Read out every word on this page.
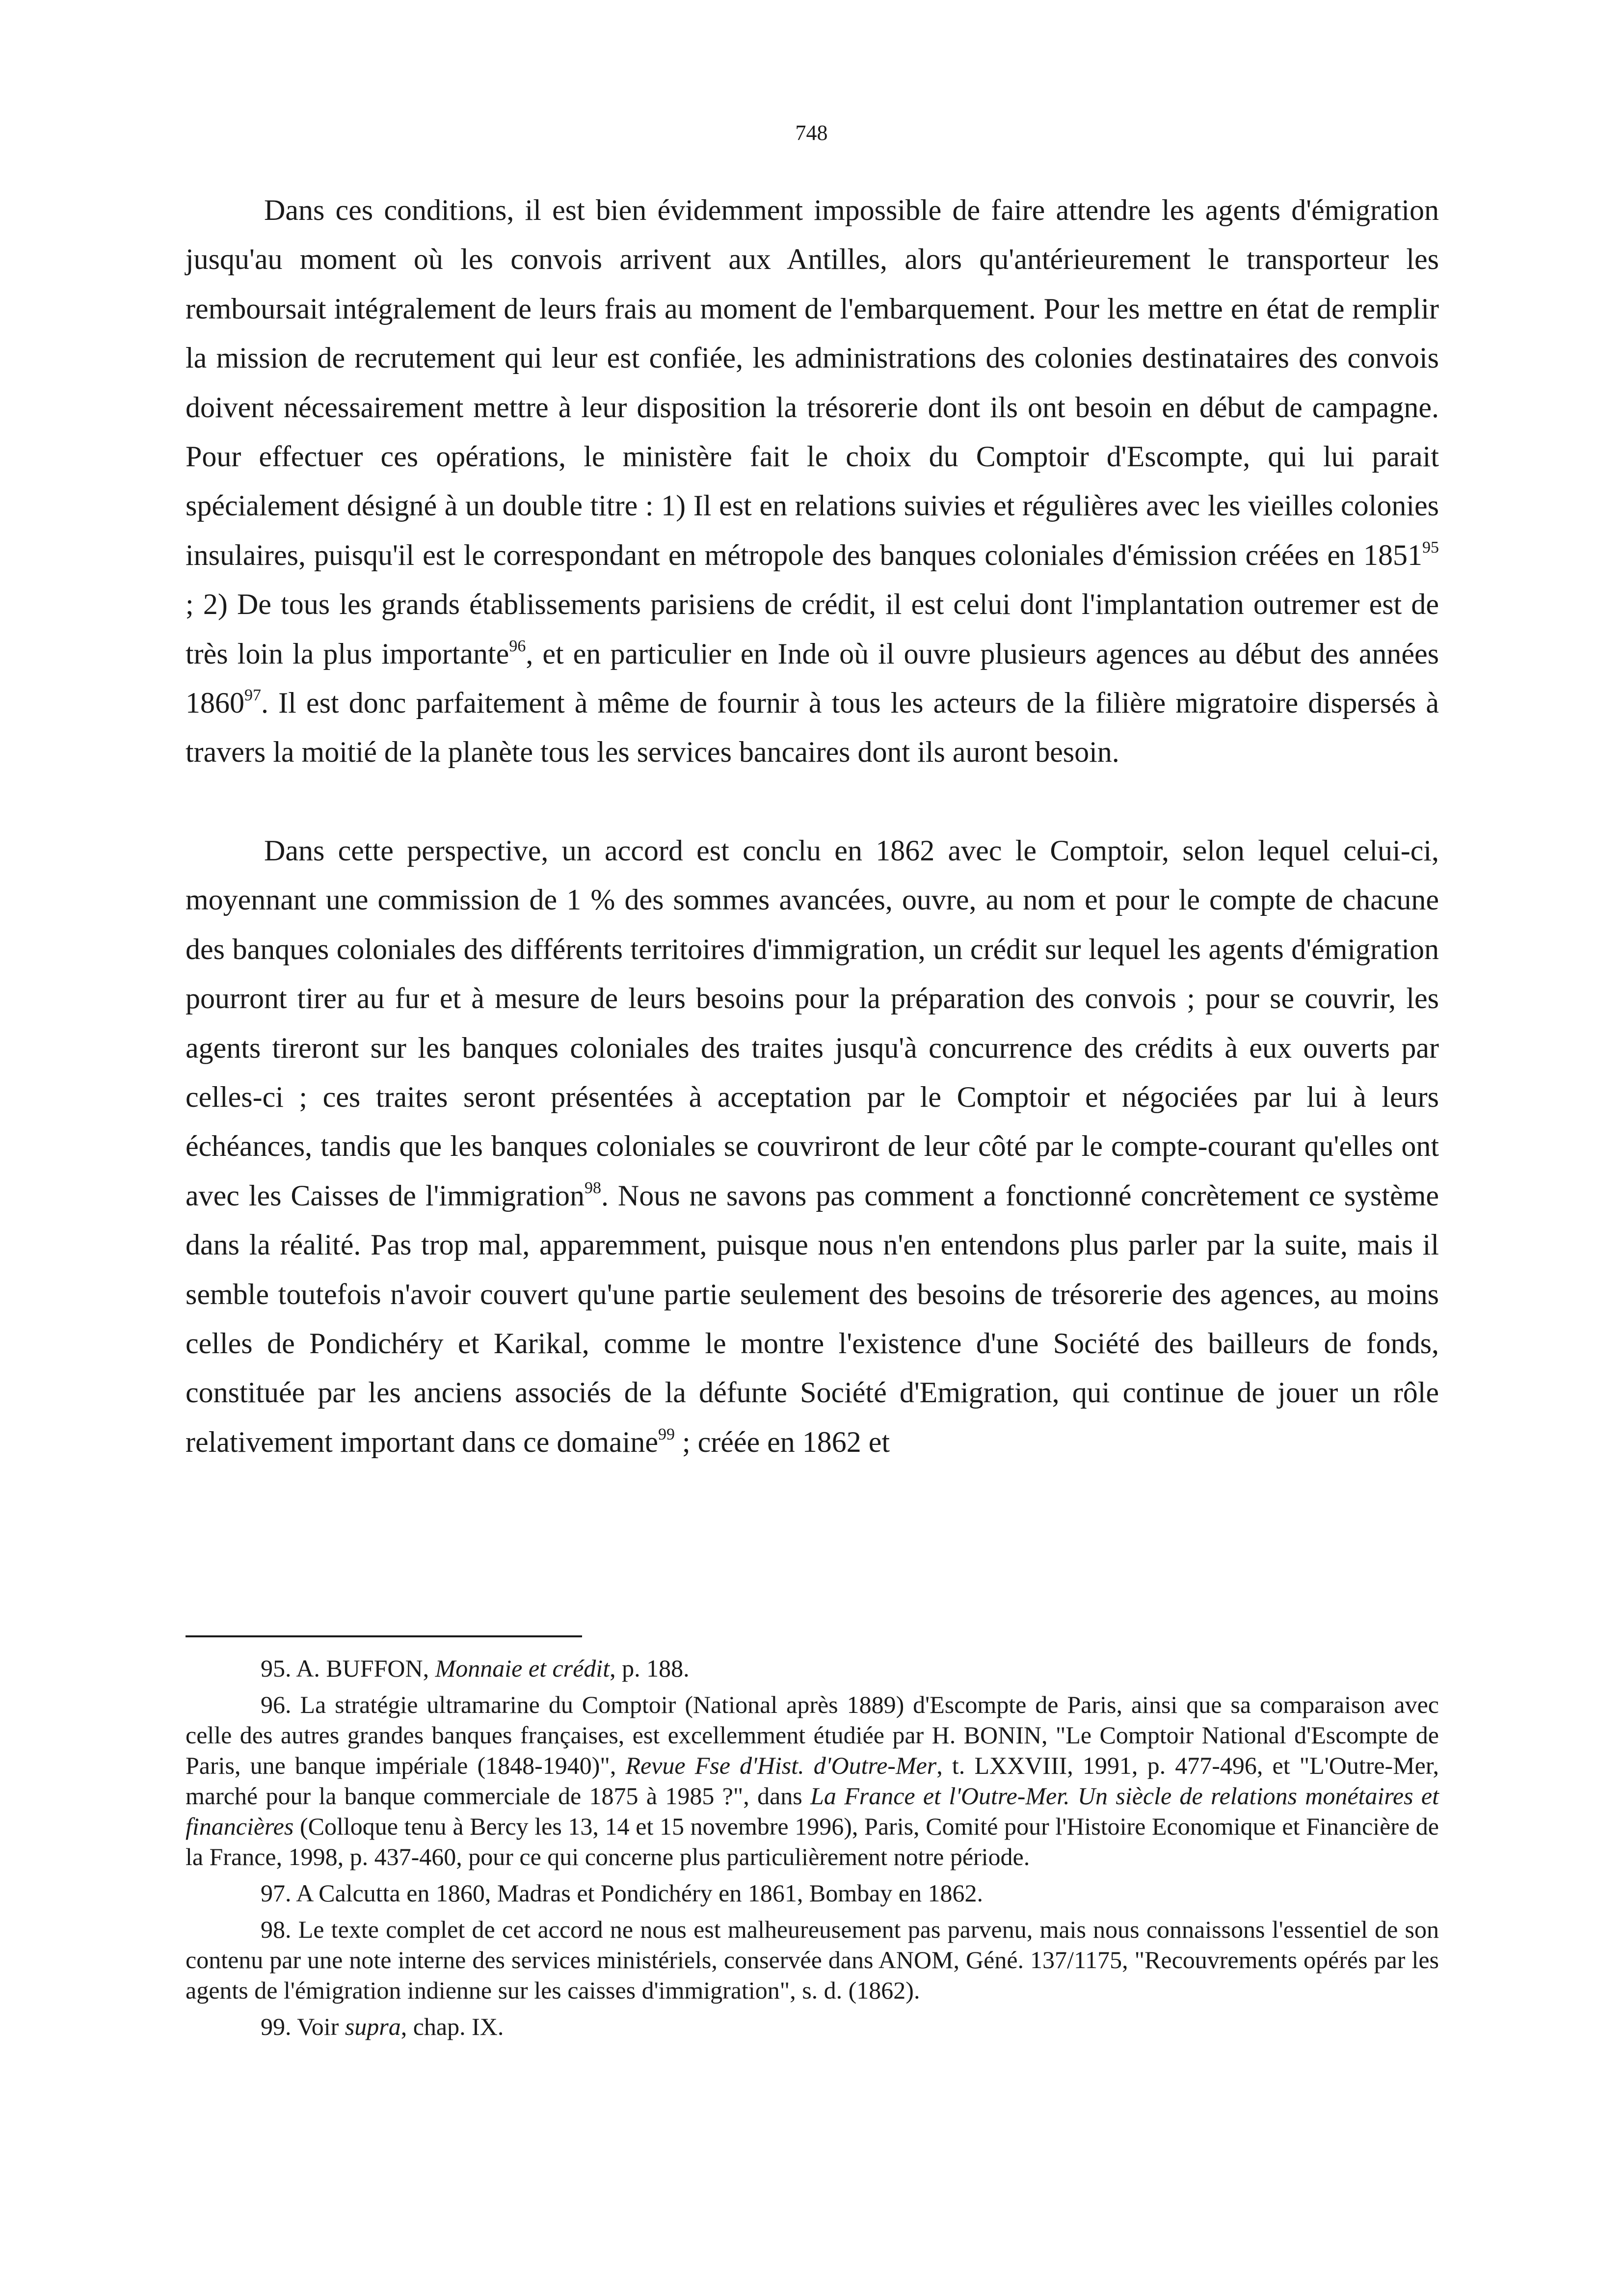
748

Dans ces conditions, il est bien évidemment impossible de faire attendre les agents d'émigration jusqu'au moment où les convois arrivent aux Antilles, alors qu'antérieurement le transporteur les remboursait intégralement de leurs frais au moment de l'embarquement. Pour les mettre en état de remplir la mission de recrutement qui leur est confiée, les administrations des colonies destinataires des convois doivent nécessairement mettre à leur disposition la trésorerie dont ils ont besoin en début de campagne. Pour effectuer ces opérations, le ministère fait le choix du Comptoir d'Escompte, qui lui parait spécialement désigné à un double titre : 1) Il est en relations suivies et régulières avec les vieilles colonies insulaires, puisqu'il est le correspondant en métropole des banques coloniales d'émission créées en 1851$^{95}$ ; 2) De tous les grands établissements parisiens de crédit, il est celui dont l'implantation outremer est de très loin la plus importante$^{96}$, et en particulier en Inde où il ouvre plusieurs agences au début des années 1860$^{97}$. Il est donc parfaitement à même de fournir à tous les acteurs de la filière migratoire dispersés à travers la moitié de la planète tous les services bancaires dont ils auront besoin.

Dans cette perspective, un accord est conclu en 1862 avec le Comptoir, selon lequel celui-ci, moyennant une commission de 1 % des sommes avancées, ouvre, au nom et pour le compte de chacune des banques coloniales des différents territoires d'immigration, un crédit sur lequel les agents d'émigration pourront tirer au fur et à mesure de leurs besoins pour la préparation des convois ; pour se couvrir, les agents tireront sur les banques coloniales des traites jusqu'à concurrence des crédits à eux ouverts par celles-ci ; ces traites seront présentées à acceptation par le Comptoir et négociées par lui à leurs échéances, tandis que les banques coloniales se couvriront de leur côté par le compte-courant qu'elles ont avec les Caisses de l'immigration$^{98}$. Nous ne savons pas comment a fonctionné concrètement ce système dans la réalité. Pas trop mal, apparemment, puisque nous n'en entendons plus parler par la suite, mais il semble toutefois n'avoir couvert qu'une partie seulement des besoins de trésorerie des agences, au moins celles de Pondichéry et Karikal, comme le montre l'existence d'une Société des bailleurs de fonds, constituée par les anciens associés de la défunte Société d'Emigration, qui continue de jouer un rôle relativement important dans ce domaine$^{99}$ ; créée en 1862 et

95. A. BUFFON, Monnaie et crédit, p. 188.

96. La stratégie ultramarine du Comptoir (National après 1889) d'Escompte de Paris, ainsi que sa comparaison avec celle des autres grandes banques françaises, est excellemment étudiée par H. BONIN, "Le Comptoir National d'Escompte de Paris, une banque impériale (1848-1940)", Revue Fse d'Hist. d'Outre-Mer, t. LXXVIII, 1991, p. 477-496, et "L'Outre-Mer, marché pour la banque commerciale de 1875 à 1985 ?", dans La France et l'Outre-Mer. Un siècle de relations monétaires et financières (Colloque tenu à Bercy les 13, 14 et 15 novembre 1996), Paris, Comité pour l'Histoire Economique et Financière de la France, 1998, p. 437-460, pour ce qui concerne plus particulièrement notre période.

97. A Calcutta en 1860, Madras et Pondichéry en 1861, Bombay en 1862.

98. Le texte complet de cet accord ne nous est malheureusement pas parvenu, mais nous connaissons l'essentiel de son contenu par une note interne des services ministériels, conservée dans ANOM, Géné. 137/1175, "Recouvrements opérés par les agents de l'émigration indienne sur les caisses d'immigration", s. d. (1862).

99. Voir supra, chap. IX.
